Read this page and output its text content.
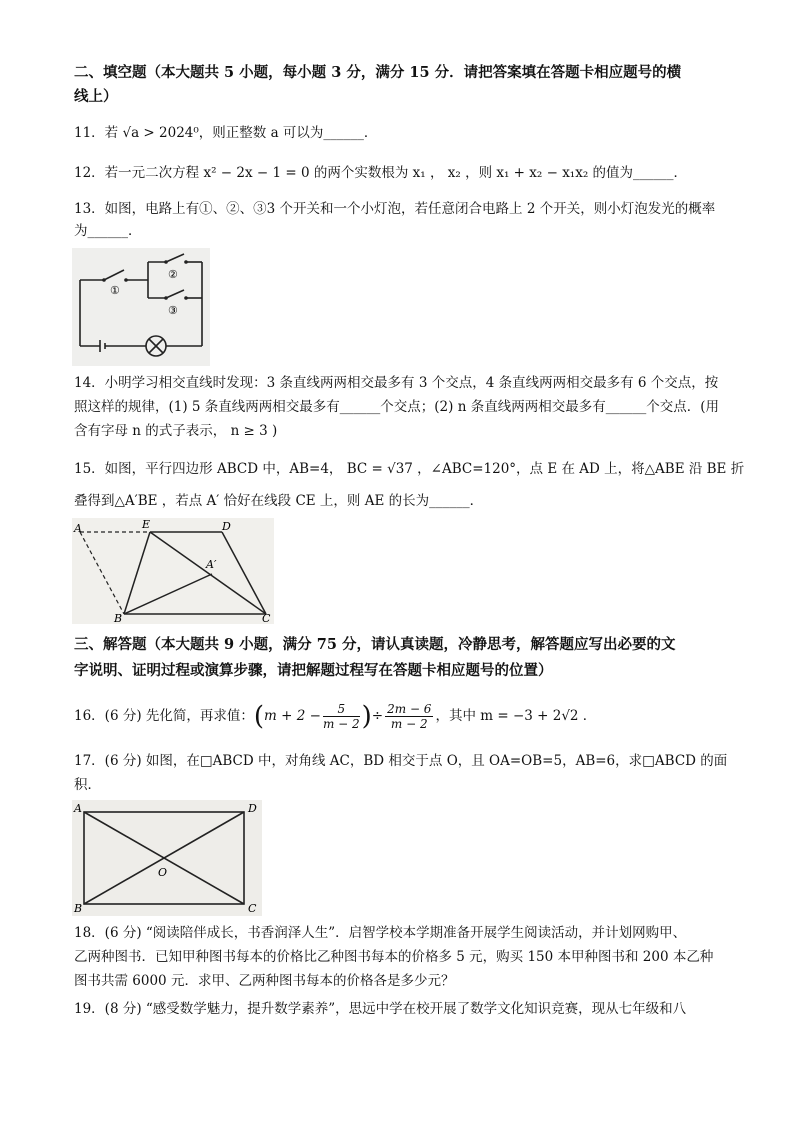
二、填空题（本大题共 5 小题，每小题 3 分，满分 15 分．请把答案填在答题卡相应题号的横
线上）
11．若 √a > 2024⁰，则正整数 a 可以为______．
12．若一元二次方程 x² − 2x − 1 = 0 的两个实数根为 x₁ ， x₂ ，则 x₁ + x₂ − x₁x₂ 的值为______．
13．如图，电路上有①、②、③3 个开关和一个小灯泡，若任意闭合电路上 2 个开关，则小灯泡发光的概率
为______．
①
②
③
14．小明学习相交直线时发现：3 条直线两两相交最多有 3 个交点，4 条直线两两相交最多有 6 个交点，按
照这样的规律，(1) 5 条直线两两相交最多有______个交点；(2) n 条直线两两相交最多有______个交点．(用
含有字母 n 的式子表示， n ≥ 3 )
15．如图，平行四边形 ABCD 中，AB=4， BC = √37 ，∠ABC=120°，点 E 在 AD 上，将△ABE 沿 BE 折
叠得到△A′BE ，若点 A′ 恰好在线段 CE 上，则 AE 的长为______．
A	E	D
A′
B	C
三、解答题（本大题共 9 小题，满分 75 分，请认真读题，冷静思考，解答题应写出必要的文
字说明、证明过程或演算步骤，请把解题过程写在答题卡相应题号的位置）
16．(6 分) 先化简，再求值：($m + 2 - \frac{5}{m - 2}$ )÷ $\frac{2m - 6}{m - 2}$ ，其中 m = −3 + 2√2 ．
17．(6 分) 如图，在□ABCD 中，对角线 AC，BD 相交于点 O，且 OA=OB=5，AB=6，求□ABCD 的面
积．
A	D
O
B	C
18．(6 分) “阅读陪伴成长，书香润泽人生”．启智学校本学期准备开展学生阅读活动，并计划网购甲、
乙两种图书．已知甲种图书每本的价格比乙种图书每本的价格多 5 元，购买 150 本甲种图书和 200 本乙种
图书共需 6000 元．求甲、乙两种图书每本的价格各是多少元？
19．(8 分) “感受数学魅力，提升数学素养”，思远中学在校开展了数学文化知识竞赛，现从七年级和八
